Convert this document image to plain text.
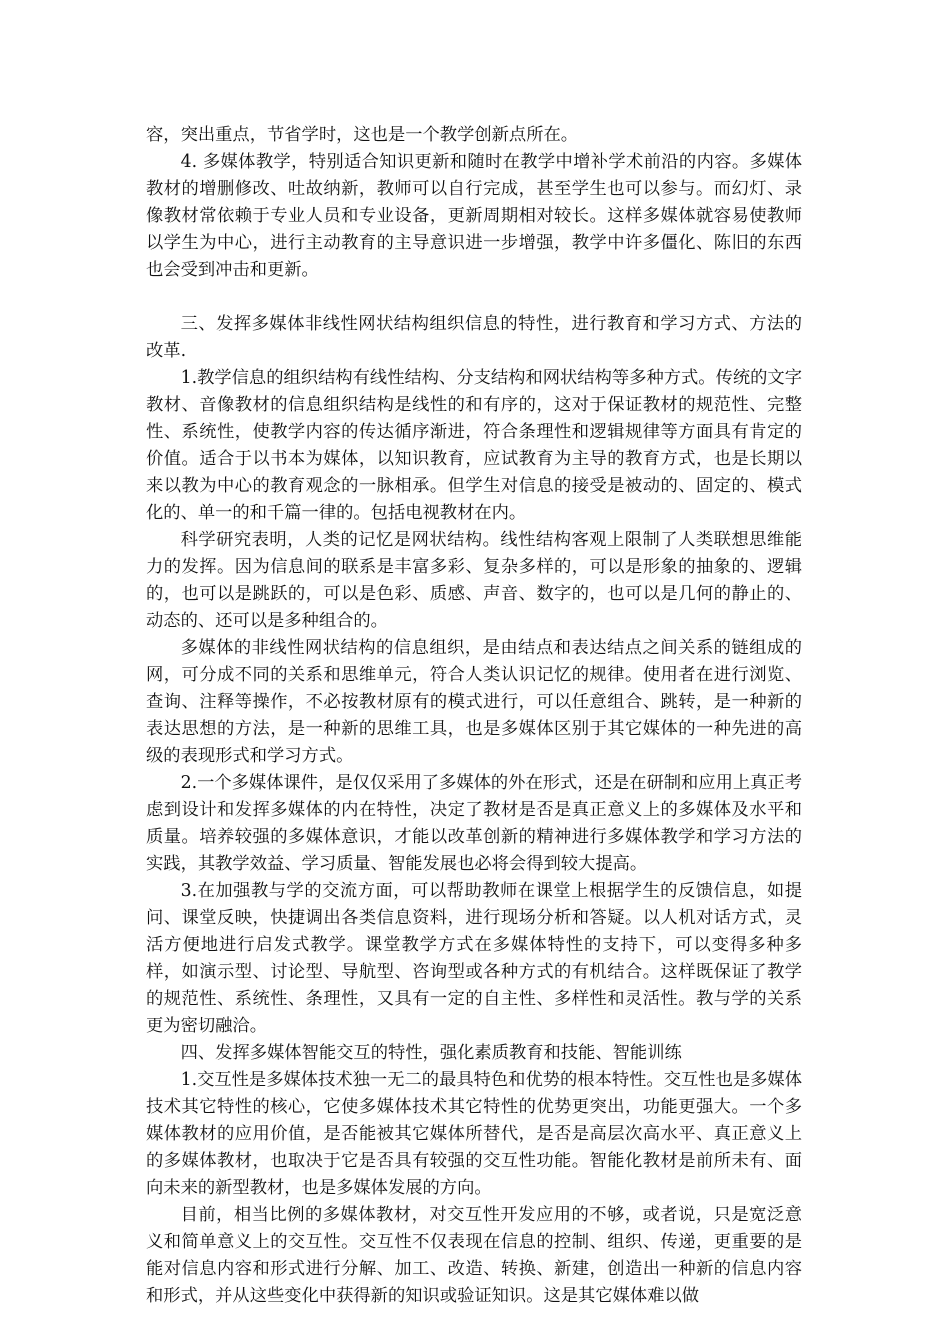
容，突出重点，节省学时，这也是一个教学创新点所在。

4. 多媒体教学，特别适合知识更新和随时在教学中增补学术前沿的内容。多媒体教材的增删修改、吐故纳新，教师可以自行完成，甚至学生也可以参与。而幻灯、录像教材常依赖于专业人员和专业设备，更新周期相对较长。这样多媒体就容易使教师以学生为中心，进行主动教育的主导意识进一步增强，教学中许多僵化、陈旧的东西也会受到冲击和更新。

三、发挥多媒体非线性网状结构组织信息的特性，进行教育和学习方式、方法的改革.

1.教学信息的组织结构有线性结构、分支结构和网状结构等多种方式。传统的文字教材、音像教材的信息组织结构是线性的和有序的，这对于保证教材的规范性、完整性、系统性，使教学内容的传达循序渐进，符合条理性和逻辑规律等方面具有肯定的价值。适合于以书本为媒体，以知识教育，应试教育为主导的教育方式，也是长期以来以教为中心的教育观念的一脉相承。但学生对信息的接受是被动的、固定的、模式化的、单一的和千篇一律的。包括电视教材在内。

科学研究表明，人类的记忆是网状结构。线性结构客观上限制了人类联想思维能力的发挥。因为信息间的联系是丰富多彩、复杂多样的，可以是形象的抽象的、逻辑的，也可以是跳跃的，可以是色彩、质感、声音、数字的，也可以是几何的静止的、动态的、还可以是多种组合的。

多媒体的非线性网状结构的信息组织，是由结点和表达结点之间关系的链组成的网，可分成不同的关系和思维单元，符合人类认识记忆的规律。使用者在进行浏览、查询、注释等操作，不必按教材原有的模式进行，可以任意组合、跳转，是一种新的表达思想的方法，是一种新的思维工具，也是多媒体区别于其它媒体的一种先进的高级的表现形式和学习方式。

2.一个多媒体课件，是仅仅采用了多媒体的外在形式，还是在研制和应用上真正考虑到设计和发挥多媒体的内在特性，决定了教材是否是真正意义上的多媒体及水平和质量。培养较强的多媒体意识，才能以改革创新的精神进行多媒体教学和学习方法的实践，其教学效益、学习质量、智能发展也必将会得到较大提高。

3.在加强教与学的交流方面，可以帮助教师在课堂上根据学生的反馈信息，如提问、课堂反映，快捷调出各类信息资料，进行现场分析和答疑。以人机对话方式，灵活方便地进行启发式教学。课堂教学方式在多媒体特性的支持下，可以变得多种多样，如演示型、讨论型、导航型、咨询型或各种方式的有机结合。这样既保证了教学的规范性、系统性、条理性，又具有一定的自主性、多样性和灵活性。教与学的关系更为密切融洽。

四、发挥多媒体智能交互的特性，强化素质教育和技能、智能训练

1.交互性是多媒体技术独一无二的最具特色和优势的根本特性。交互性也是多媒体技术其它特性的核心，它使多媒体技术其它特性的优势更突出，功能更强大。一个多媒体教材的应用价值，是否能被其它媒体所替代，是否是高层次高水平、真正意义上的多媒体教材，也取决于它是否具有较强的交互性功能。智能化教材是前所未有、面向未来的新型教材，也是多媒体发展的方向。

目前，相当比例的多媒体教材，对交互性开发应用的不够，或者说，只是宽泛意义和简单意义上的交互性。交互性不仅表现在信息的控制、组织、传递，更重要的是能对信息内容和形式进行分解、加工、改造、转换、新建，创造出一种新的信息内容和形式，并从这些变化中获得新的知识或验证知识。这是其它媒体难以做
